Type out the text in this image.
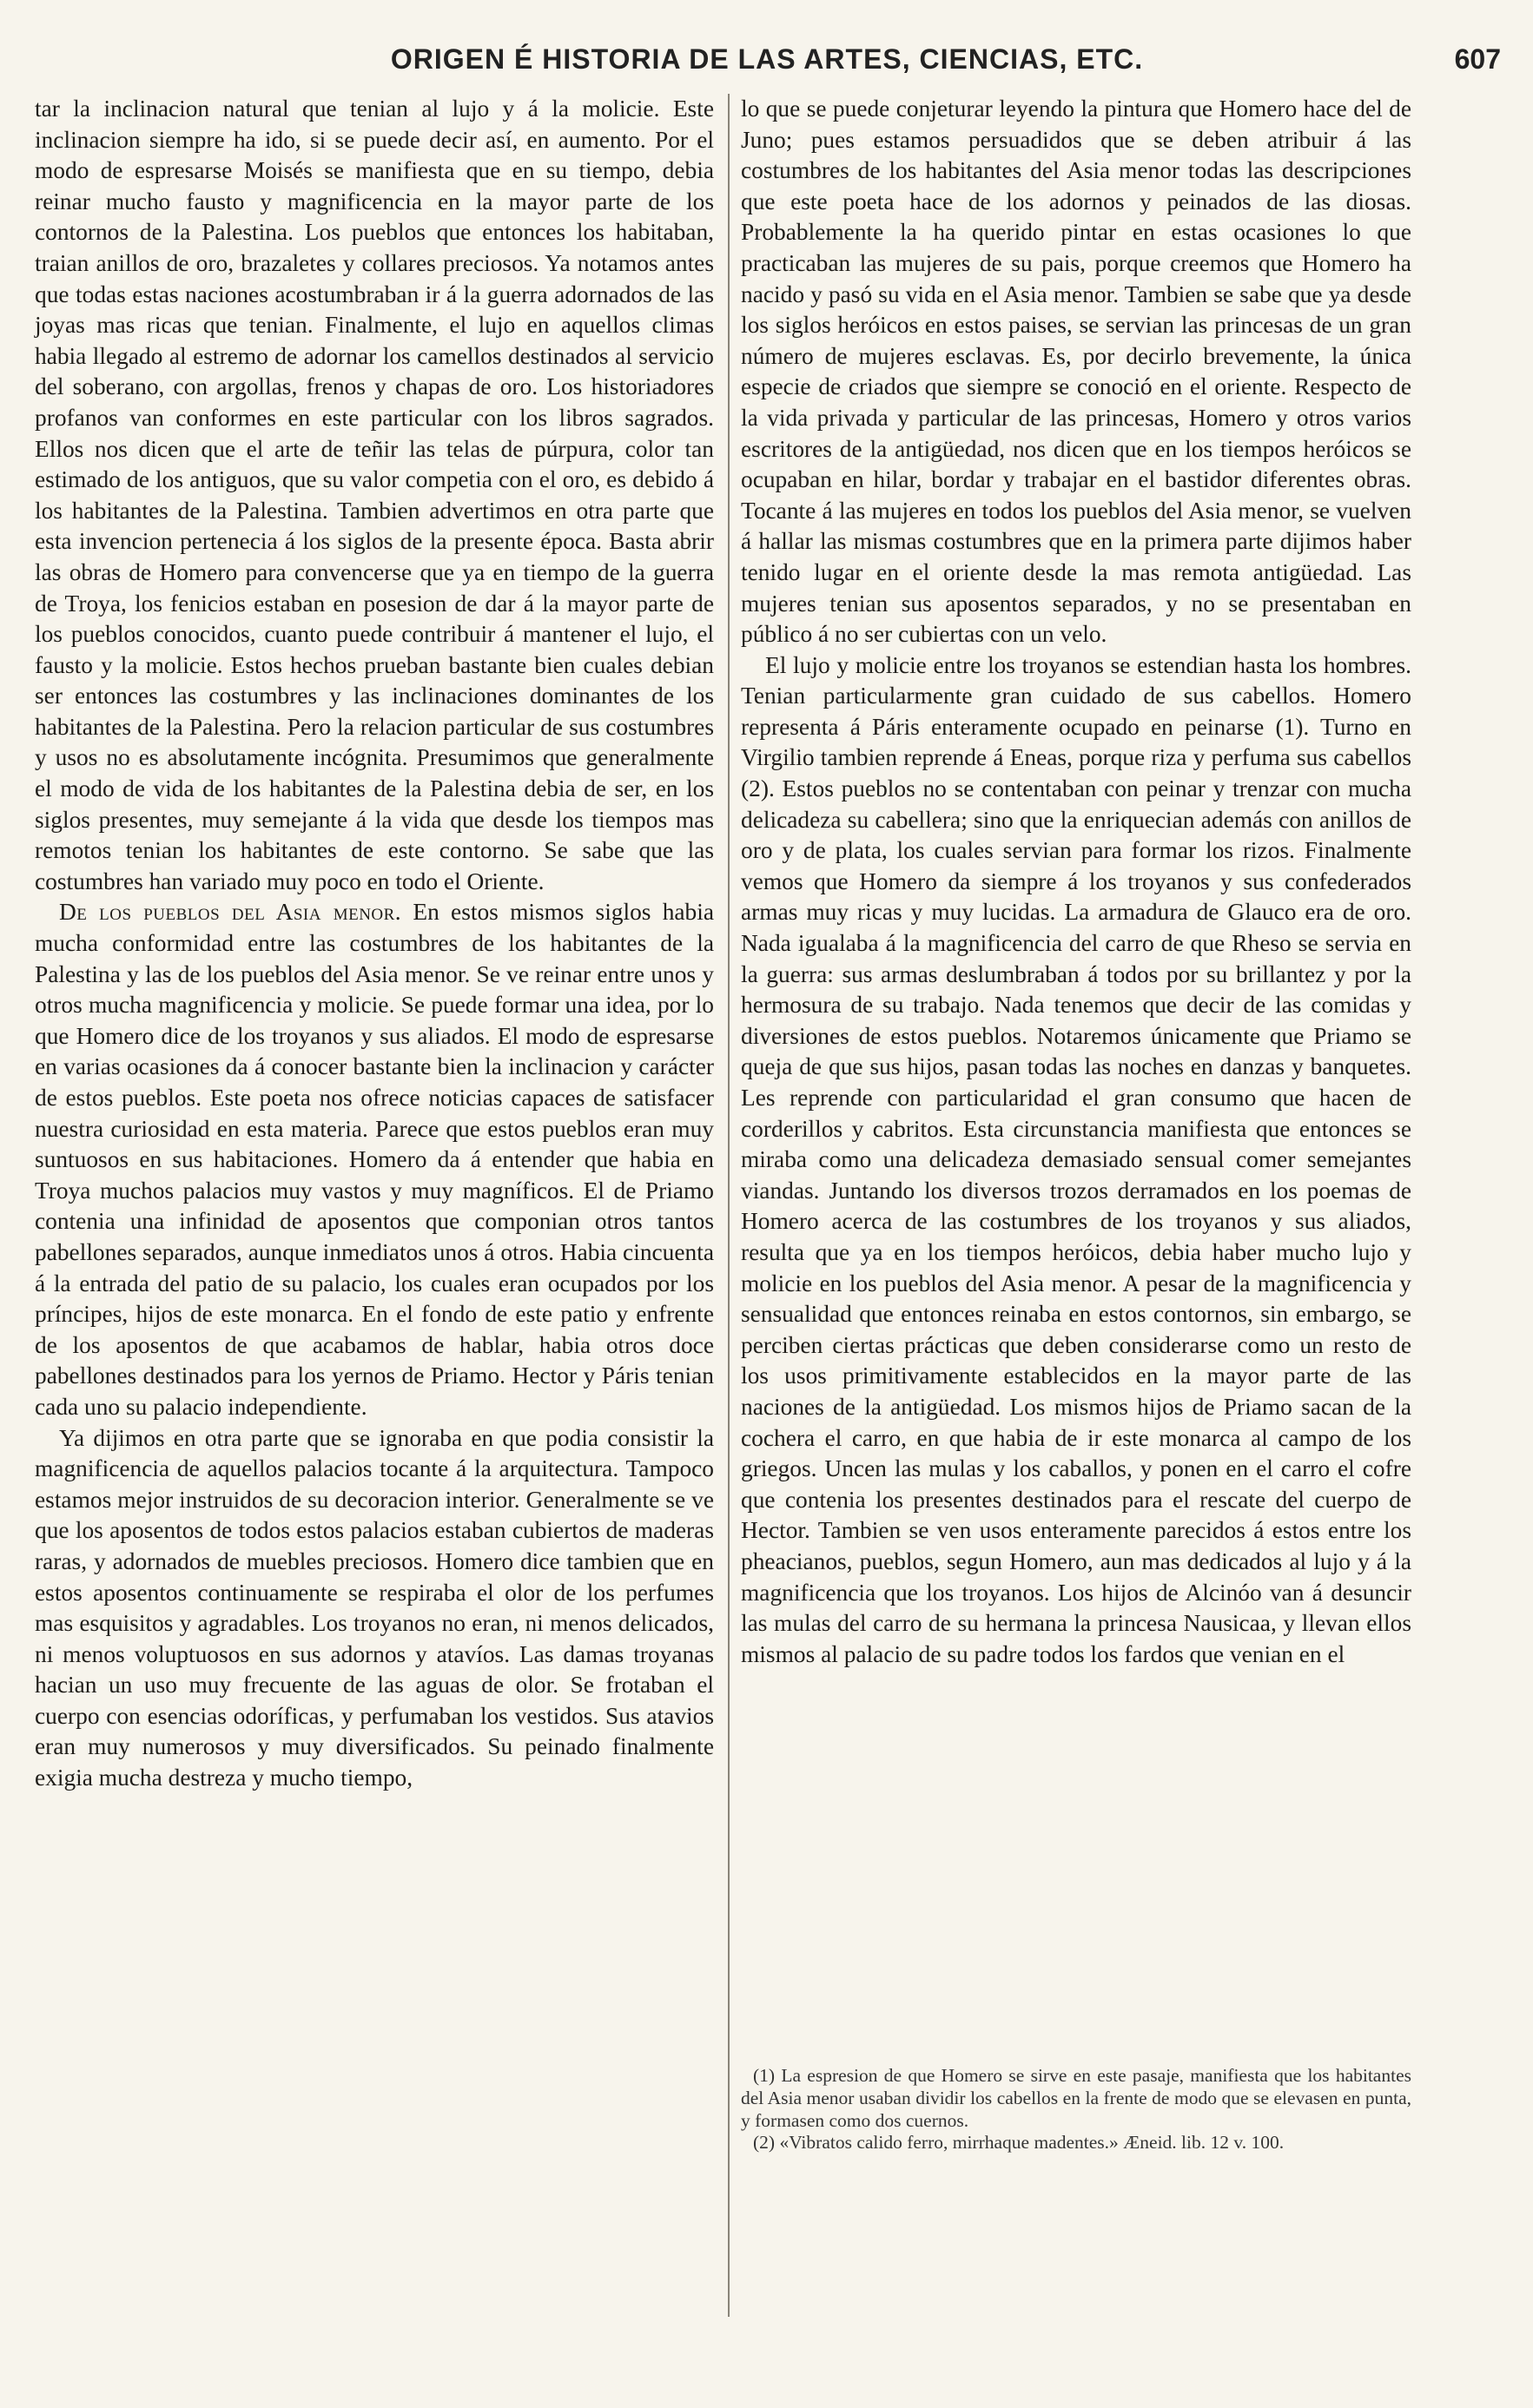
ORIGEN É HISTORIA DE LAS ARTES, CIENCIAS, ETC.	607

tar la inclinacion natural que tenian al lujo y á la molicie. Este inclinacion siempre ha ido, si se puede decir así, en aumento. Por el modo de espresarse Moisés se manifiesta que en su tiempo, debia reinar mucho fausto y magnificencia en la mayor parte de los contornos de la Palestina. Los pueblos que entonces los habitaban, traian anillos de oro, brazaletes y collares preciosos. Ya notamos antes que todas estas naciones acostumbraban ir á la guerra adornados de las joyas mas ricas que tenian. Finalmente, el lujo en aquellos climas habia llegado al estremo de adornar los camellos destinados al servicio del soberano, con argollas, frenos y chapas de oro. Los historiadores profanos van conformes en este particular con los libros sagrados. Ellos nos dicen que el arte de teñir las telas de púrpura, color tan estimado de los antiguos, que su valor competia con el oro, es debido á los habitantes de la Palestina. Tambien advertimos en otra parte que esta invencion pertenecia á los siglos de la presente época. Basta abrir las obras de Homero para convencerse que ya en tiempo de la guerra de Troya, los fenicios estaban en posesion de dar á la mayor parte de los pueblos conocidos, cuanto puede contribuir á mantener el lujo, el fausto y la molicie. Estos hechos prueban bastante bien cuales debian ser entonces las costumbres y las inclinaciones dominantes de los habitantes de la Palestina. Pero la relacion particular de sus costumbres y usos no es absolutamente incógnita. Presumimos que generalmente el modo de vida de los habitantes de la Palestina debia de ser, en los siglos presentes, muy semejante á la vida que desde los tiempos mas remotos tenian los habitantes de este contorno. Se sabe que las costumbres han variado muy poco en todo el Oriente.

De los pueblos del Asia menor. En estos mismos siglos habia mucha conformidad entre las costumbres de los habitantes de la Palestina y las de los pueblos del Asia menor. Se ve reinar entre unos y otros mucha magnificencia y molicie. Se puede formar una idea, por lo que Homero dice de los troyanos y sus aliados. El modo de espresarse en varias ocasiones da á conocer bastante bien la inclinacion y carácter de estos pueblos. Este poeta nos ofrece noticias capaces de satisfacer nuestra curiosidad en esta materia. Parece que estos pueblos eran muy suntuosos en sus habitaciones. Homero da á entender que habia en Troya muchos palacios muy vastos y muy magníficos. El de Priamo contenia una infinidad de aposentos que componian otros tantos pabellones separados, aunque inmediatos unos á otros. Habia cincuenta á la entrada del patio de su palacio, los cuales eran ocupados por los príncipes, hijos de este monarca. En el fondo de este patio y enfrente de los aposentos de que acabamos de hablar, habia otros doce pabellones destinados para los yernos de Priamo. Hector y Páris tenian cada uno su palacio independiente.

Ya dijimos en otra parte que se ignoraba en que podia consistir la magnificencia de aquellos palacios tocante á la arquitectura. Tampoco estamos mejor instruidos de su decoracion interior. Generalmente se ve que los aposentos de todos estos palacios estaban cubiertos de maderas raras, y adornados de muebles preciosos. Homero dice tambien que en estos aposentos continuamente se respiraba el olor de los perfumes mas esquisitos y agradables. Los troyanos no eran, ni menos delicados, ni menos voluptuosos en sus adornos y atavíos. Las damas troyanas hacian un uso muy frecuente de las aguas de olor. Se frotaban el cuerpo con esencias odoríficas, y perfumaban los vestidos. Sus atavios eran muy numerosos y muy diversificados. Su peinado finalmente exigia mucha destreza y mucho tiempo,

lo que se puede conjeturar leyendo la pintura que Homero hace del de Juno; pues estamos persuadidos que se deben atribuir á las costumbres de los habitantes del Asia menor todas las descripciones que este poeta hace de los adornos y peinados de las diosas. Probablemente la ha querido pintar en estas ocasiones lo que practicaban las mujeres de su pais, porque creemos que Homero ha nacido y pasó su vida en el Asia menor. Tambien se sabe que ya desde los siglos heróicos en estos paises, se servian las princesas de un gran número de mujeres esclavas. Es, por decirlo brevemente, la única especie de criados que siempre se conoció en el oriente. Respecto de la vida privada y particular de las princesas, Homero y otros varios escritores de la antigüedad, nos dicen que en los tiempos heróicos se ocupaban en hilar, bordar y trabajar en el bastidor diferentes obras. Tocante á las mujeres en todos los pueblos del Asia menor, se vuelven á hallar las mismas costumbres que en la primera parte dijimos haber tenido lugar en el oriente desde la mas remota antigüedad. Las mujeres tenian sus aposentos separados, y no se presentaban en público á no ser cubiertas con un velo.

El lujo y molicie entre los troyanos se estendian hasta los hombres. Tenian particularmente gran cuidado de sus cabellos. Homero representa á Páris enteramente ocupado en peinarse (1). Turno en Virgilio tambien reprende á Eneas, porque riza y perfuma sus cabellos (2). Estos pueblos no se contentaban con peinar y trenzar con mucha delicadeza su cabellera; sino que la enriquecian además con anillos de oro y de plata, los cuales servian para formar los rizos. Finalmente vemos que Homero da siempre á los troyanos y sus confederados armas muy ricas y muy lucidas. La armadura de Glauco era de oro. Nada igualaba á la magnificencia del carro de que Rheso se servia en la guerra: sus armas deslumbraban á todos por su brillantez y por la hermosura de su trabajo. Nada tenemos que decir de las comidas y diversiones de estos pueblos. Notaremos únicamente que Priamo se queja de que sus hijos, pasan todas las noches en danzas y banquetes. Les reprende con particularidad el gran consumo que hacen de corderillos y cabritos. Esta circunstancia manifiesta que entonces se miraba como una delicadeza demasiado sensual comer semejantes viandas. Juntando los diversos trozos derramados en los poemas de Homero acerca de las costumbres de los troyanos y sus aliados, resulta que ya en los tiempos heróicos, debia haber mucho lujo y molicie en los pueblos del Asia menor. A pesar de la magnificencia y sensualidad que entonces reinaba en estos contornos, sin embargo, se perciben ciertas prácticas que deben considerarse como un resto de los usos primitivamente establecidos en la mayor parte de las naciones de la antigüedad. Los mismos hijos de Priamo sacan de la cochera el carro, en que habia de ir este monarca al campo de los griegos. Uncen las mulas y los caballos, y ponen en el carro el cofre que contenia los presentes destinados para el rescate del cuerpo de Hector. Tambien se ven usos enteramente parecidos á estos entre los pheacianos, pueblos, segun Homero, aun mas dedicados al lujo y á la magnificencia que los troyanos. Los hijos de Alcinóo van á desuncir las mulas del carro de su hermana la princesa Nausicaa, y llevan ellos mismos al palacio de su padre todos los fardos que venian en el

(1) La espresion de que Homero se sirve en este pasaje, manifiesta que los habitantes del Asia menor usaban dividir los cabellos en la frente de modo que se elevasen en punta, y formasen como dos cuernos.

(2) «Vibratos calido ferro, mirrhaque madentes.» Æneid. lib. 12 v. 100.
